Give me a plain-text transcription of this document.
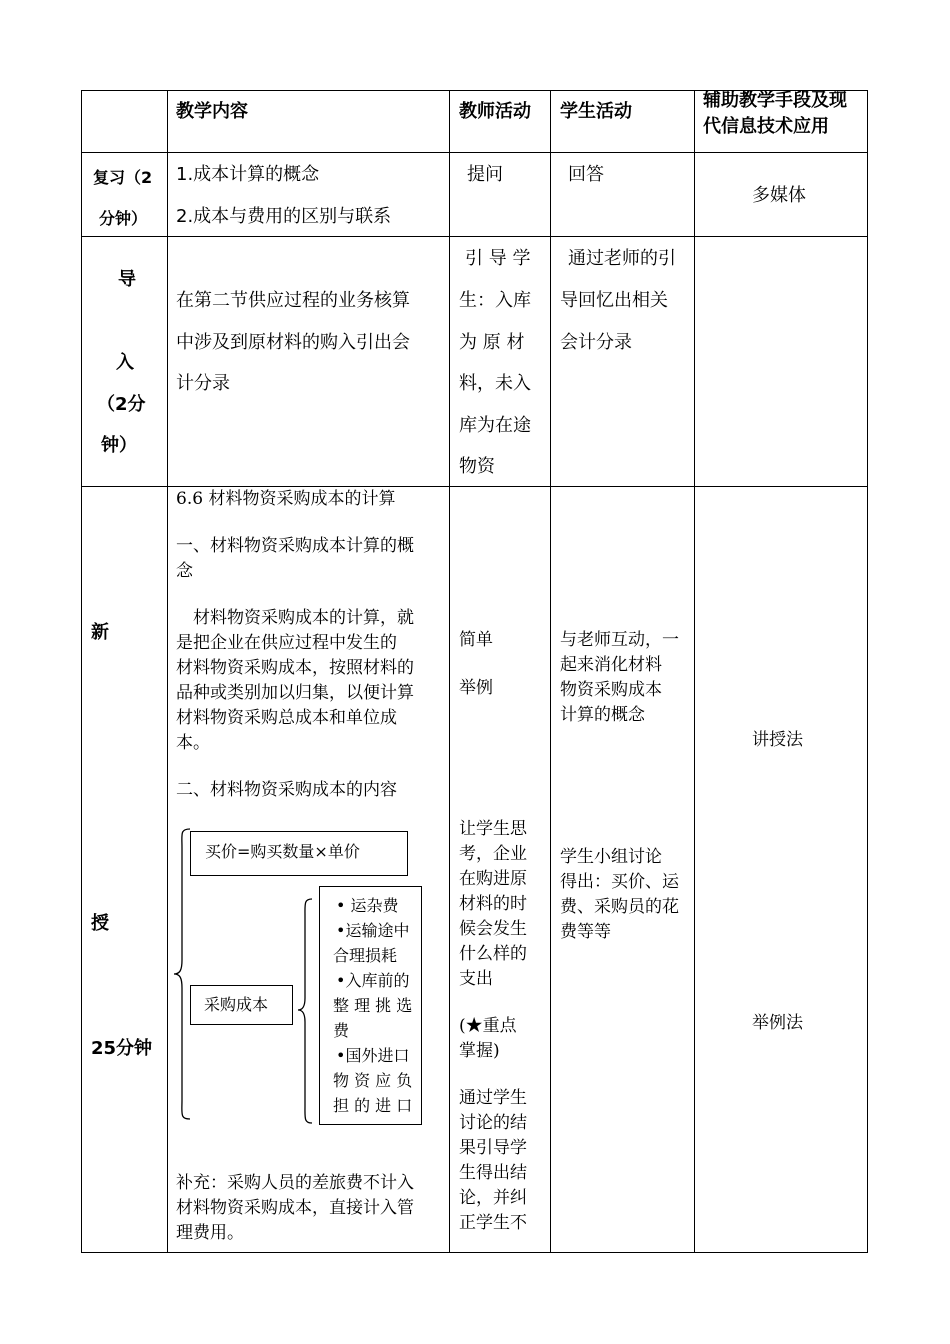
教学内容	教师活动 学生活动
辅助教学手段及现
代信息技术应用
复习（2
分钟）
1.成本计算的概念
2.成本与费用的区别与联系
提问	回答
多媒体
导
入
（2分
钟）
在第二节供应过程的业务核算
中涉及到原材料的购入引出会
计分录
引 导 学
生：入库
为 原 材
料，未入
库为在途
物资
通过老师的引
导回忆出相关
会计分录
新
授
25分钟
6.6 材料物资采购成本的计算
一、材料物资采购成本计算的概
念
　材料物资采购成本的计算，就
是把企业在供应过程中发生的
材料物资采购成本，按照材料的
品种或类别加以归集，以便计算
材料物资采购总成本和单位成
本。
二、材料物资采购成本的内容
买价=购买数量×单价
采购成本
• 运杂费
•运输途中
合理损耗
•入库前的
整 理 挑 选
费
•国外进口
物 资 应 负
担 的 进 口
补充：采购人员的差旅费不计入
材料物资采购成本，直接计入管
理费用。
简单
举例
让学生思
考，企业
在购进原
材料的时
候会发生
什么样的
支出
(★重点
掌握)
通过学生
讨论的结
果引导学
生得出结
论，并纠
正学生不
与老师互动，一
起来消化材料
物资采购成本
计算的概念
学生小组讨论
得出：买价、运
费、采购员的花
费等等
讲授法
举例法
